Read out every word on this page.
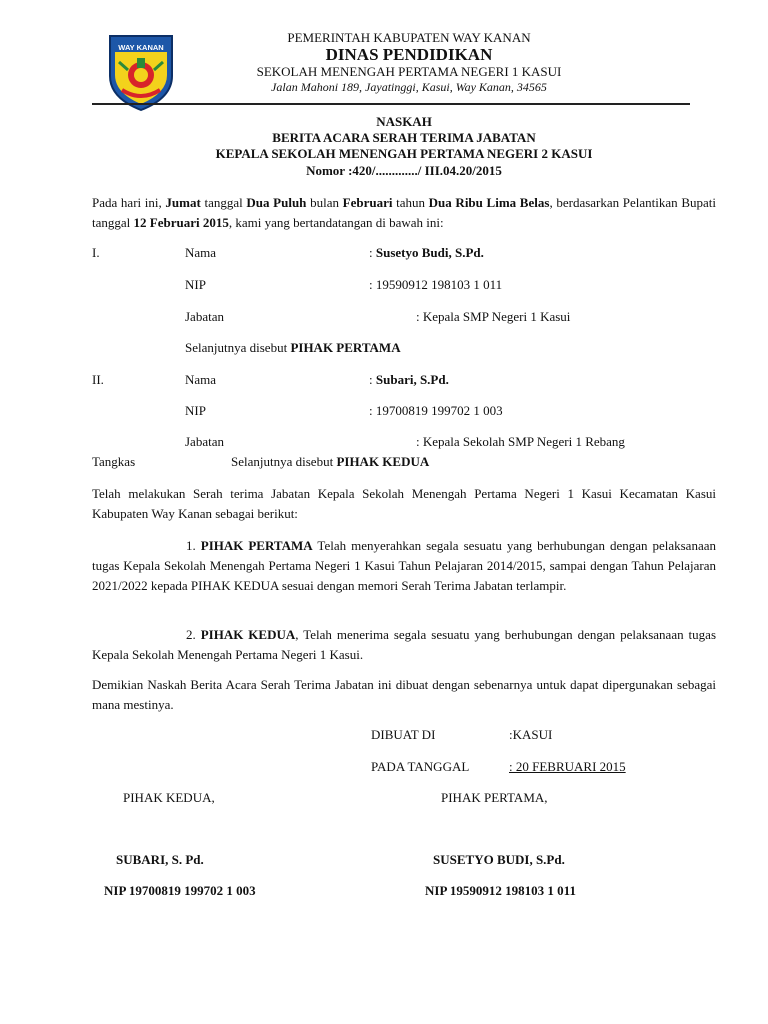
WAY KANAN
PEMERINTAH KABUPATEN WAY KANAN
DINAS PENDIDIKAN
SEKOLAH MENENGAH PERTAMA NEGERI 1 KASUI
Jalan Mahoni 189, Jayatinggi, Kasui, Way Kanan, 34565
NASKAH
BERITA ACARA SERAH TERIMA JABATAN
KEPALA SEKOLAH MENENGAH PERTAMA NEGERI 2 KASUI
Nomor :420/............./ III.04.20/2015
Pada hari ini, Jumat tanggal Dua Puluh bulan Februari tahun Dua Ribu Lima Belas, berdasarkan Pelantikan Bupati tanggal 12 Februari 2015, kami yang bertandatangan di bawah ini:
I.	Nama	: Susetyo Budi, S.Pd.
NIP	: 19590912 198103 1 011
Jabatan	: Kepala SMP Negeri 1 Kasui
Selanjutnya disebut PIHAK PERTAMA
II.	Nama	: Subari, S.Pd.
NIP	: 19700819 199702 1 003
Jabatan	: Kepala Sekolah SMP Negeri 1 Rebang
Tangkas	Selanjutnya disebut PIHAK KEDUA
Telah melakukan Serah terima Jabatan Kepala Sekolah Menengah Pertama Negeri 1 Kasui Kecamatan Kasui Kabupaten Way Kanan sebagai berikut:
1. PIHAK PERTAMA Telah menyerahkan segala sesuatu yang berhubungan dengan pelaksanaan tugas Kepala Sekolah Menengah Pertama Negeri 1 Kasui Tahun Pelajaran 2014/2015, sampai dengan Tahun Pelajaran 2021/2022 kepada PIHAK KEDUA sesuai dengan memori Serah Terima Jabatan terlampir.
2. PIHAK KEDUA, Telah menerima segala sesuatu yang berhubungan dengan pelaksanaan tugas Kepala Sekolah Menengah Pertama Negeri 1 Kasui.
Demikian Naskah Berita Acara Serah Terima Jabatan ini dibuat dengan sebenarnya untuk dapat dipergunakan sebagai mana mestinya.
DIBUAT DI	:KASUI
PADA TANGGAL	: 20 FEBRUARI 2015
PIHAK KEDUA,	PIHAK PERTAMA,
SUBARI, S. Pd.	SUSETYO BUDI, S.Pd.
NIP 19700819 199702 1 003	NIP 19590912 198103 1 011
